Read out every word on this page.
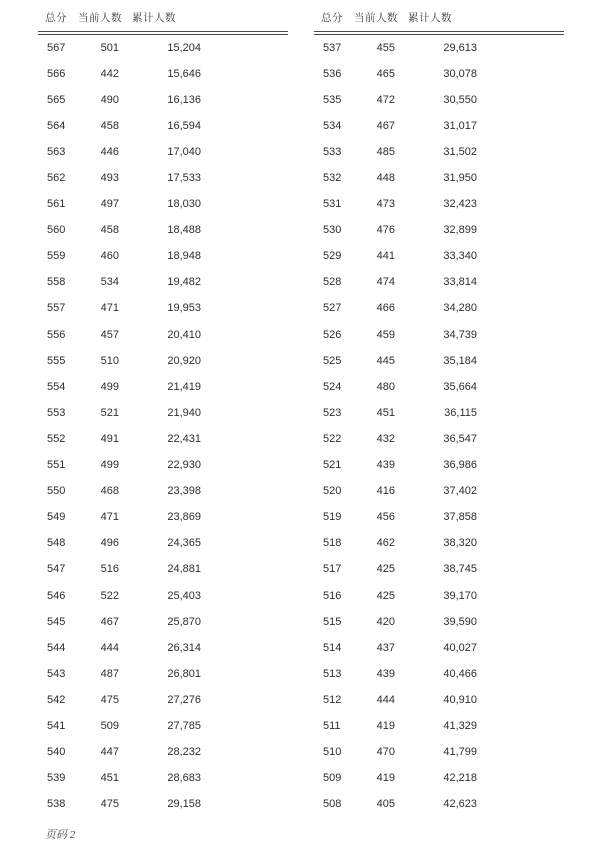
总分	当前人数 累计人数
567	501	15,204
566	442	15,646
565	490	16,136
564	458	16,594
563	446	17,040
562	493	17,533
561	497	18,030
560	458	18,488
559	460	18,948
558	534	19,482
557	471	19,953
556	457	20,410
555	510	20,920
554	499	21,419
553	521	21,940
552	491	22,431
551	499	22,930
550	468	23,398
549	471	23,869
548	496	24,365
547	516	24,881
546	522	25,403
545	467	25,870
544	444	26,314
543	487	26,801
542	475	27,276
541	509	27,785
540	447	28,232
539	451	28,683
538	475	29,158
总分	当前人数 累计人数
537	455	29,613
536	465	30,078
535	472	30,550
534	467	31,017
533	485	31,502
532	448	31,950
531	473	32,423
530	476	32,899
529	441	33,340
528	474	33,814
527	466	34,280
526	459	34,739
525	445	35,184
524	480	35,664
523	451	36,115
522	432	36,547
521	439	36,986
520	416	37,402
519	456	37,858
518	462	38,320
517	425	38,745
516	425	39,170
515	420	39,590
514	437	40,027
513	439	40,466
512	444	40,910
511	419	41,329
510	470	41,799
509	419	42,218
508	405	42,623
页码 2
